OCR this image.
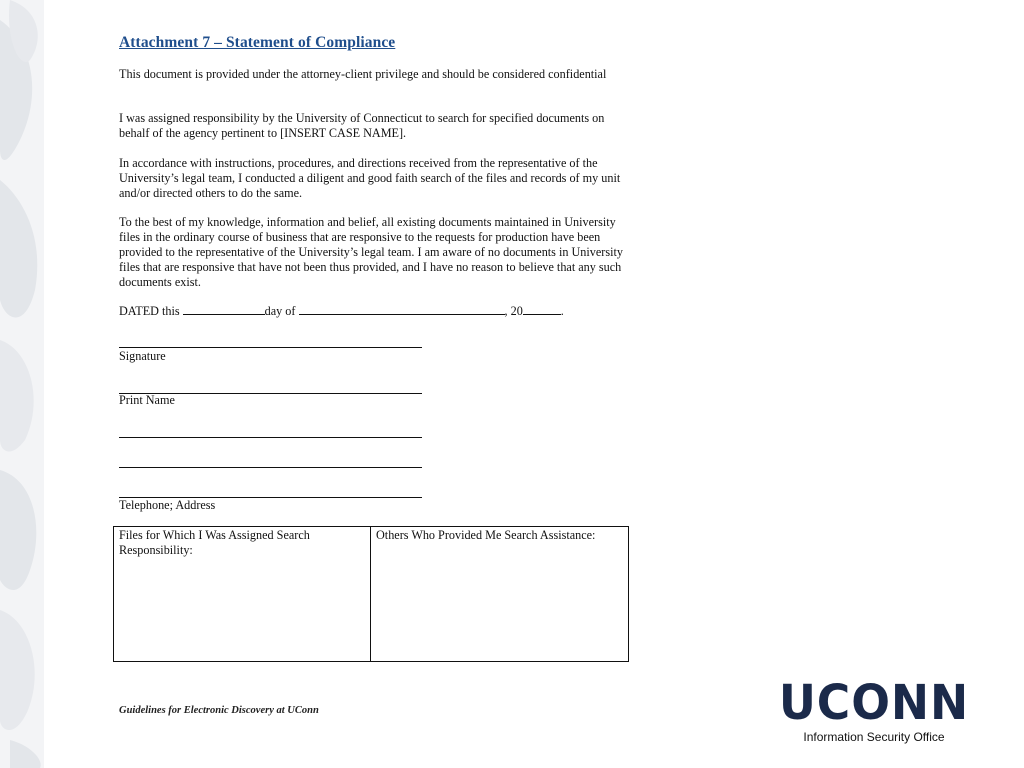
Attachment 7 – Statement of Compliance

This document is provided under the attorney-client privilege and should be considered confidential

I was assigned responsibility by the University of Connecticut to search for specified documents on behalf of the agency pertinent to [INSERT CASE NAME].

In accordance with instructions, procedures, and directions received from the representative of the University’s legal team, I conducted a diligent and good faith search of the files and records of my unit and/or directed others to do the same.

To the best of my knowledge, information and belief, all existing documents maintained in University files in the ordinary course of business that are responsive to the requests for production have been provided to the representative of the University’s legal team. I am aware of no documents in University files that are responsive that have not been thus provided, and I have no reason to believe that any such documents exist.

DATED this	day of	, 20	.
Signature
Print Name
Telephone; Address
Files for Which I Was Assigned Search Responsibility:
Others Who Provided Me Search Assistance:
Guidelines for Electronic Discovery at UConn	UCONN
Information Security Office
